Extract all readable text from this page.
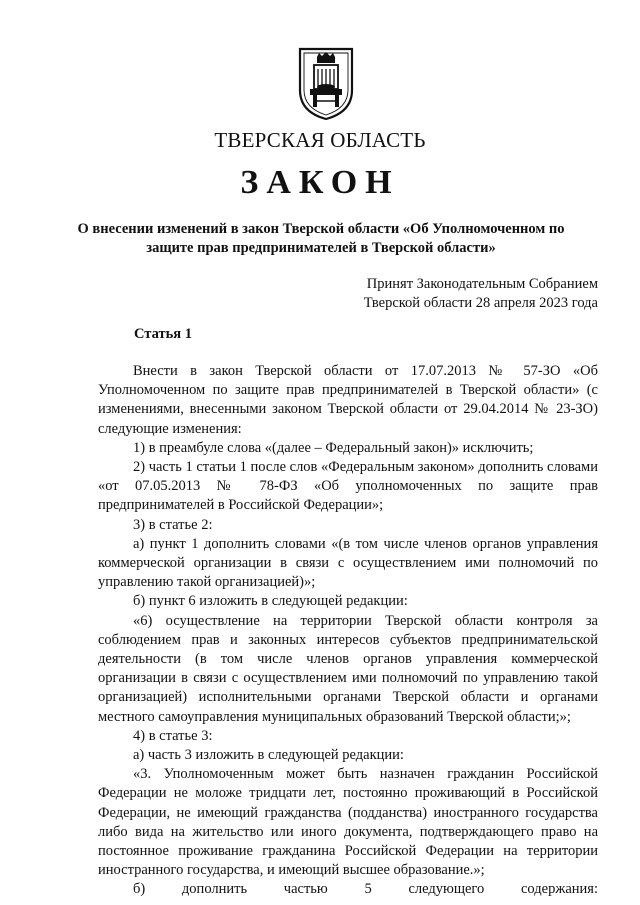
ТВЕРСКАЯ ОБЛАСТЬ
ЗАКОН
О внесении изменений в закон Тверской области «Об Уполномоченном по защите прав предпринимателей в Тверской области»
Принят Законодательным Собранием
Тверской области 28 апреля 2023 года
Статья 1

Внести в закон Тверской области от 17.07.2013 № 57-ЗО «Об Уполномоченном по защите прав предпринимателей в Тверской области» (с изменениями, внесенными законом Тверской области от 29.04.2014 № 23-ЗО) следующие изменения:

1) в преамбуле слова «(далее – Федеральный закон)» исключить;

2) часть 1 статьи 1 после слов «Федеральным законом» дополнить словами «от 07.05.2013 № 78-ФЗ «Об уполномоченных по защите прав предпринимателей в Российской Федерации»;

3) в статье 2:

а) пункт 1 дополнить словами «(в том числе членов органов управления коммерческой организации в связи с осуществлением ими полномочий по управлению такой организацией)»;

б) пункт 6 изложить в следующей редакции:

«6) осуществление на территории Тверской области контроля за соблюдением прав и законных интересов субъектов предпринимательской деятельности (в том числе членов органов управления коммерческой организации в связи с осуществлением ими полномочий по управлению такой организацией) исполнительными органами Тверской области и органами местного самоуправления муниципальных образований Тверской области;»;

4) в статье 3:

а) часть 3 изложить в следующей редакции:

«3. Уполномоченным может быть назначен гражданин Российской Федерации не моложе тридцати лет, постоянно проживающий в Российской Федерации, не имеющий гражданства (подданства) иностранного государства либо вида на жительство или иного документа, подтверждающего право на постоянное проживание гражданина Российской Федерации на территории иностранного государства, и имеющий высшее образование.»;

б) дополнить частью 5 следующего содержания:
